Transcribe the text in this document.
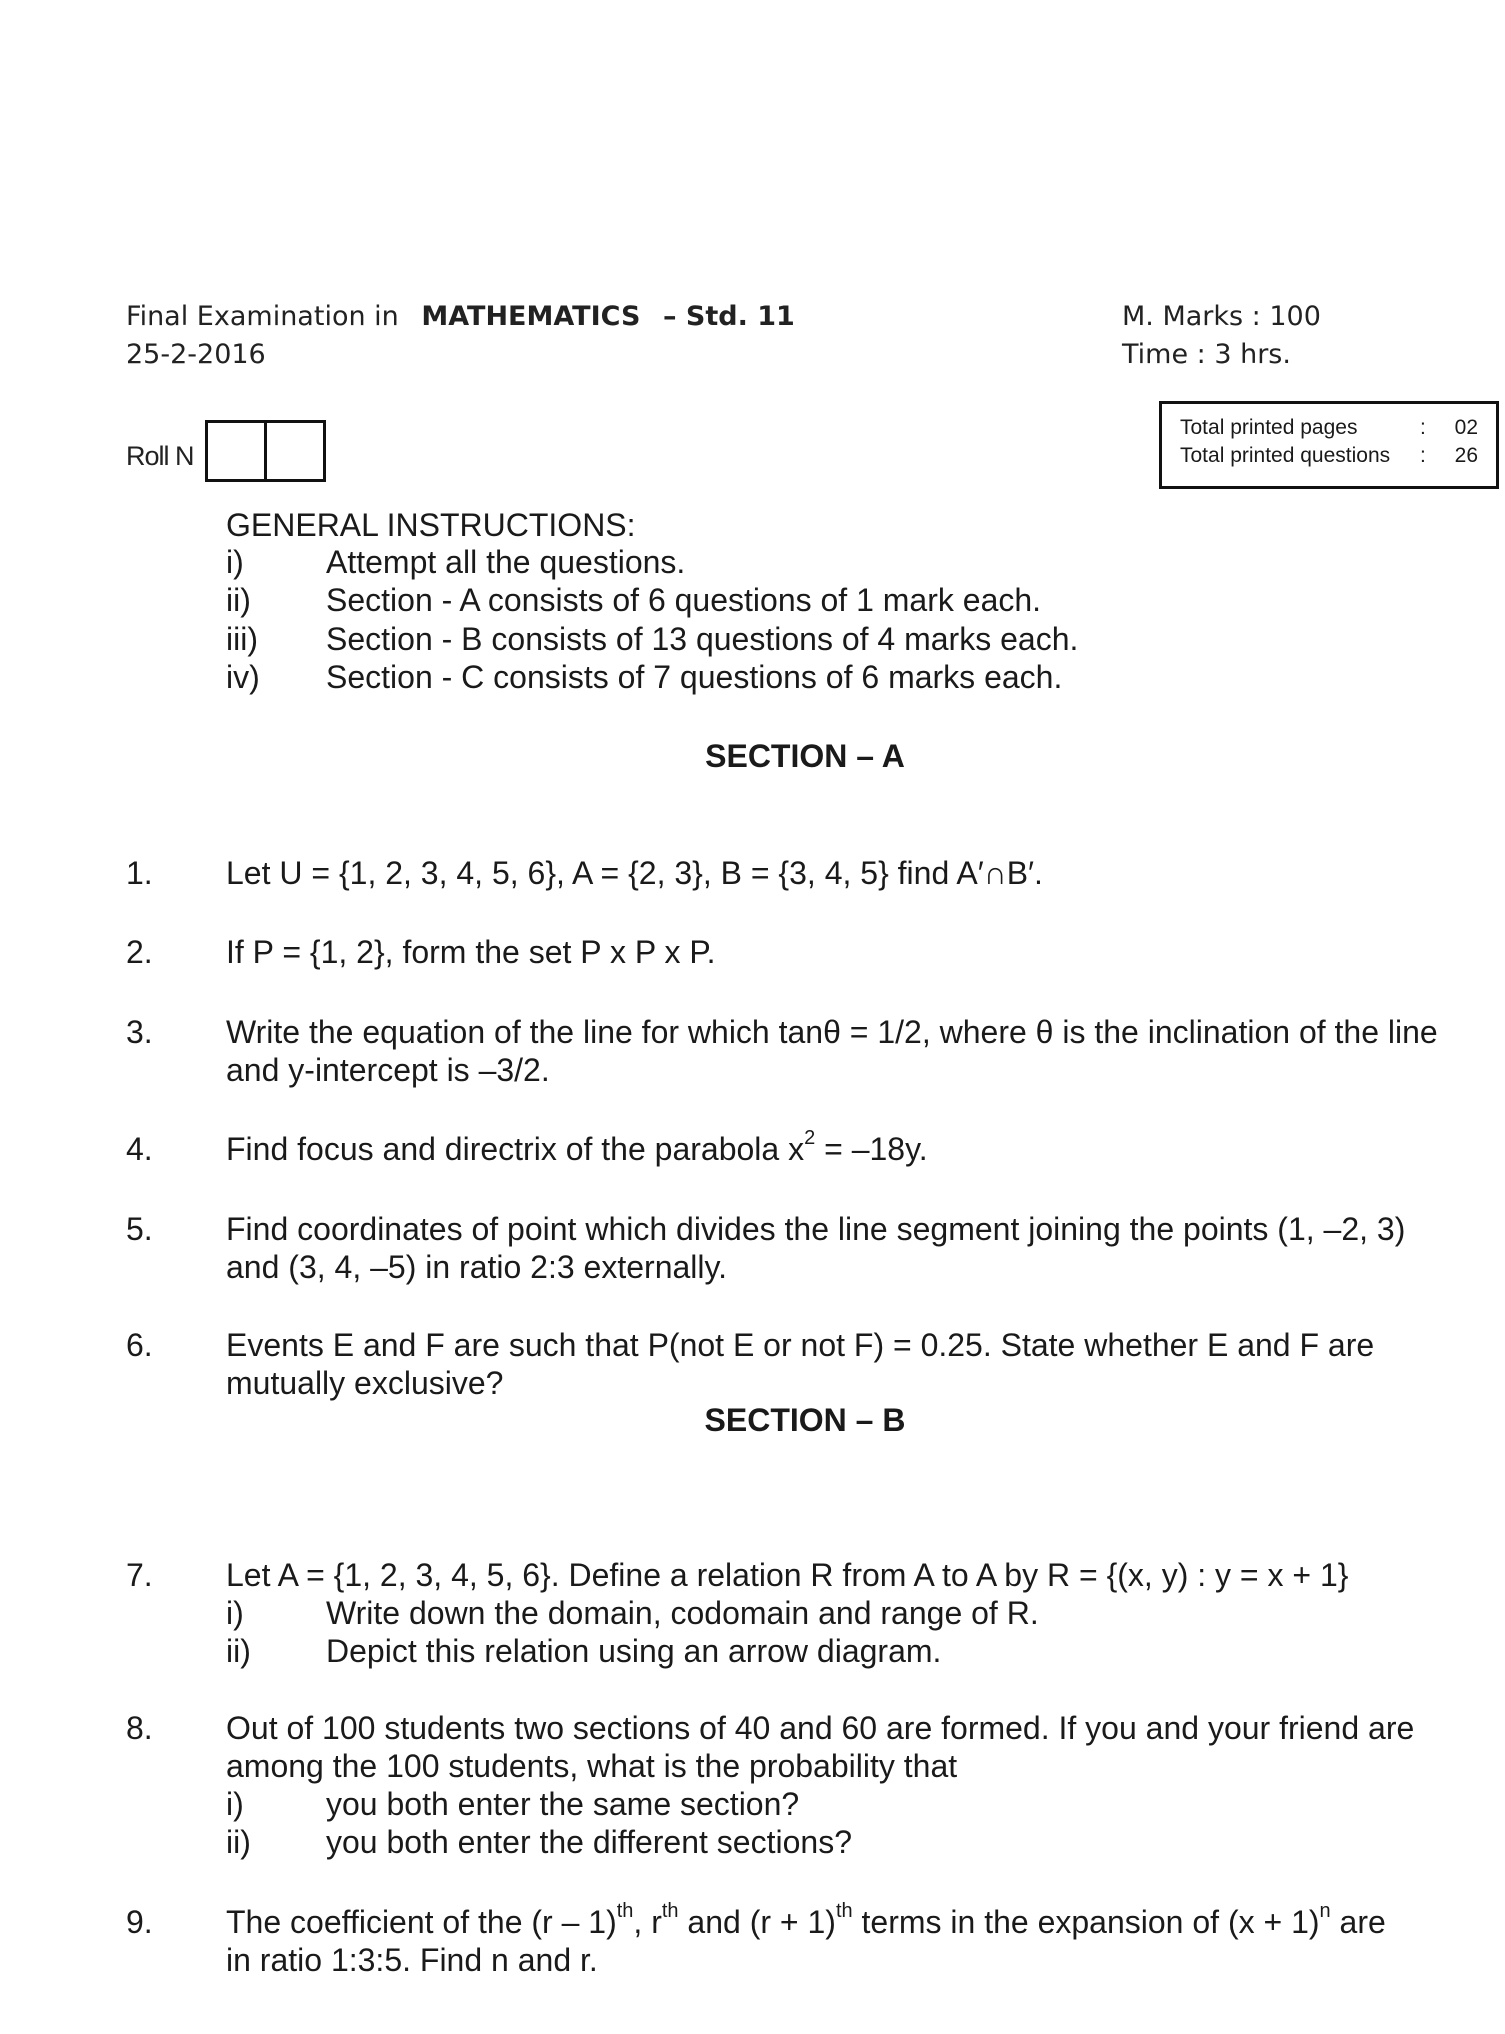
Final Examination in MATHEMATICS – Std. 11
25-2-2016
M. Marks : 100
Time : 3 hrs.
Roll N
Total printed pages	:	02
Total printed questions	:	26
GENERAL INSTRUCTIONS:
i)	Attempt all the questions.
ii) Section - A consists of 6 questions of 1 mark each.
iii) Section - B consists of 13 questions of 4 marks each.
iv) Section - C consists of 7 questions of 6 marks each.
SECTION – A
1.	Let U = {1, 2, 3, 4, 5, 6}, A = {2, 3}, B = {3, 4, 5} find A′∩B′.
2.	If P = {1, 2}, form the set P x P x P.
3.	Write the equation of the line for which tanθ = 1/2, where θ is the inclination of the line
and y-intercept is –3/2.
4.	Find focus and directrix of the parabola $x^2 = -18y$.
5.	Find coordinates of point which divides the line segment joining the points (1, –2, 3)
and (3, 4, –5) in ratio 2:3 externally.
6.	Events E and F are such that P(not E or not F) = 0.25. State whether E and F are
mutually exclusive?
SECTION – B
7.	Let A = {1, 2, 3, 4, 5, 6}. Define a relation R from A to A by R = {(x, y) : y = x + 1}
i)	Write down the domain, codomain and range of R.
ii)	Depict this relation using an arrow diagram.
8.	Out of 100 students two sections of 40 and 60 are formed. If you and your friend are
among the 100 students, what is the probability that
i)	you both enter the same section?
ii)	you both enter the different sections?
9.	The coefficient of the (r – 1)$^{th}$, $r^{th}$ and $(r + 1)^{th}$ terms in the expansion of $(x + 1)^n$ are
in ratio 1:3:5. Find n and r.
